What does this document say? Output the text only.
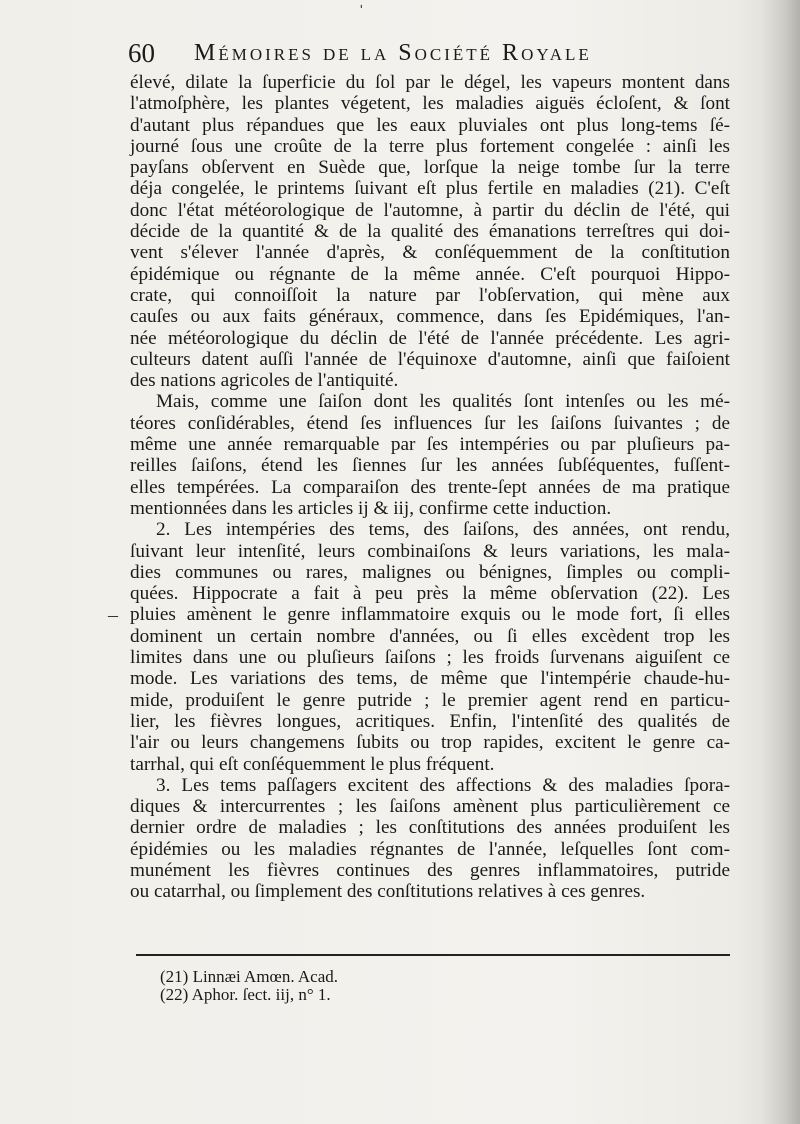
ˈ
–
60 Mémoires de la Société Royale
élevé, dilate la ſuperficie du ſol par le dégel, les vapeurs montent dans
l'atmoſphère, les plantes végetent, les maladies aiguës écloſent, & ſont
d'autant plus répandues que les eaux pluviales ont plus long-tems ſé-
journé ſous une croûte de la terre plus fortement congelée : ainſi les
payſans obſervent en Suède que, lorſque la neige tombe ſur la terre
déja congelée, le printems ſuivant eſt plus fertile en maladies (21). C'eſt
donc l'état météorologique de l'automne, à partir du déclin de l'été, qui
décide de la quantité & de la qualité des émanations terreſtres qui doi-
vent s'élever l'année d'après, & conſéquemment de la conſtitution
épidémique ou régnante de la même année. C'eſt pourquoi Hippo-
crate, qui connoiſſoit la nature par l'obſervation, qui mène aux
cauſes ou aux faits généraux, commence, dans ſes Epidémiques, l'an-
née météorologique du déclin de l'été de l'année précédente. Les agri-
culteurs datent auſſi l'année de l'équinoxe d'automne, ainſi que faiſoient
des nations agricoles de l'antiquité.
Mais, comme une ſaiſon dont les qualités ſont intenſes ou les mé-
téores conſidérables, étend ſes influences ſur les ſaiſons ſuivantes ; de
même une année remarquable par ſes intempéries ou par pluſieurs pa-
reilles ſaiſons, étend les ſiennes ſur les années ſubſéquentes, fuſſent-
elles tempérées. La comparaiſon des trente-ſept années de ma pratique
mentionnées dans les articles ij & iij, confirme cette induction.
2. Les intempéries des tems, des ſaiſons, des années, ont rendu,
ſuivant leur intenſité, leurs combinaiſons & leurs variations, les mala-
dies communes ou rares, malignes ou bénignes, ſimples ou compli-
quées. Hippocrate a fait à peu près la même obſervation (22). Les
pluies amènent le genre inflammatoire exquis ou le mode fort, ſi elles
dominent un certain nombre d'années, ou ſi elles excèdent trop les
limites dans une ou pluſieurs ſaiſons ; les froids ſurvenans aiguiſent ce
mode. Les variations des tems, de même que l'intempérie chaude-hu-
mide, produiſent le genre putride ; le premier agent rend en particu-
lier, les fièvres longues, acritiques. Enfin, l'intenſité des qualités de
l'air ou leurs changemens ſubits ou trop rapides, excitent le genre ca-
tarrhal, qui eſt conſéquemment le plus fréquent.
3. Les tems paſſagers excitent des affections & des maladies ſpora-
diques & intercurrentes ; les ſaiſons amènent plus particulièrement ce
dernier ordre de maladies ; les conſtitutions des années produiſent les
épidémies ou les maladies régnantes de l'année, leſquelles ſont com-
munément les fièvres continues des genres inflammatoires, putride
ou catarrhal, ou ſimplement des conſtitutions relatives à ces genres.
(21) Linnæi Amœn. Acad.
(22) Aphor. ſect. iij, n° 1.
